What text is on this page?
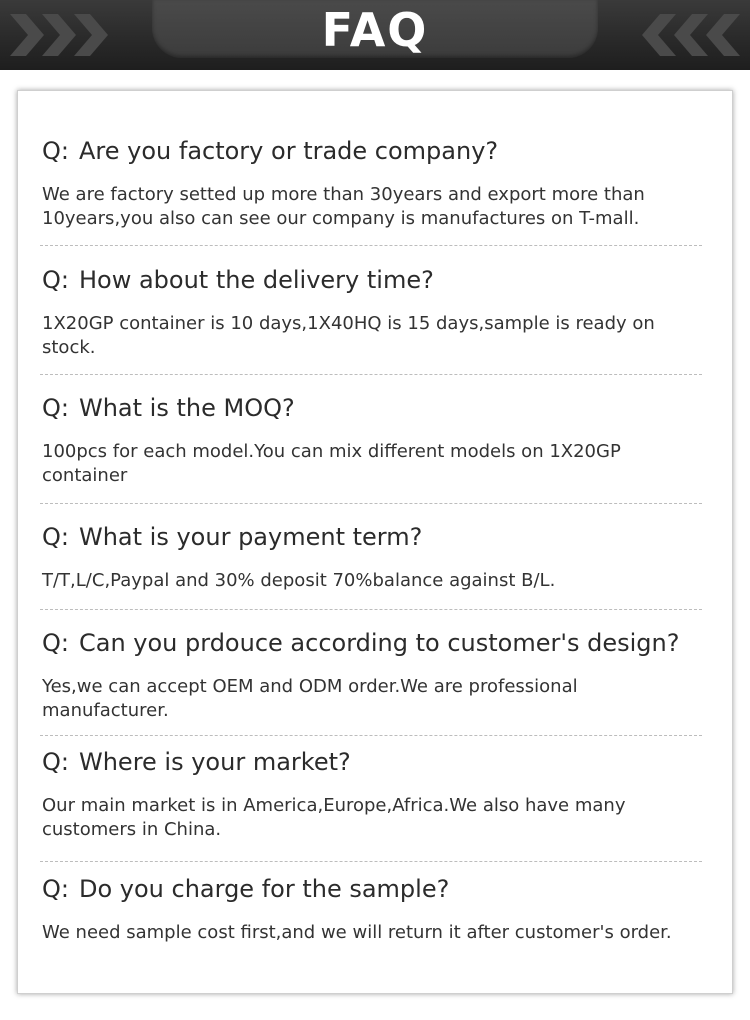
FAQ
Q: Are you factory or trade company?
We are factory setted up more than 30years and export more than 10years,you also can see our company is manufactures on T-mall.
Q: How about the delivery time?
1X20GP container is 10 days,1X40HQ is 15 days,sample is ready on stock.
Q: What is the MOQ?
100pcs for each model.You can mix different models on 1X20GP container
Q: What is your payment term?
T/T,L/C,Paypal and 30% deposit 70%balance against B/L.
Q: Can you prdouce according to customer's design?
Yes,we can accept OEM and ODM order.We are professional manufacturer.
Q: Where is your market?
Our main market is in America,Europe,Africa.We also have many customers in China.
Q: Do you charge for the sample?
We need sample cost first,and we will return it after customer's order.
